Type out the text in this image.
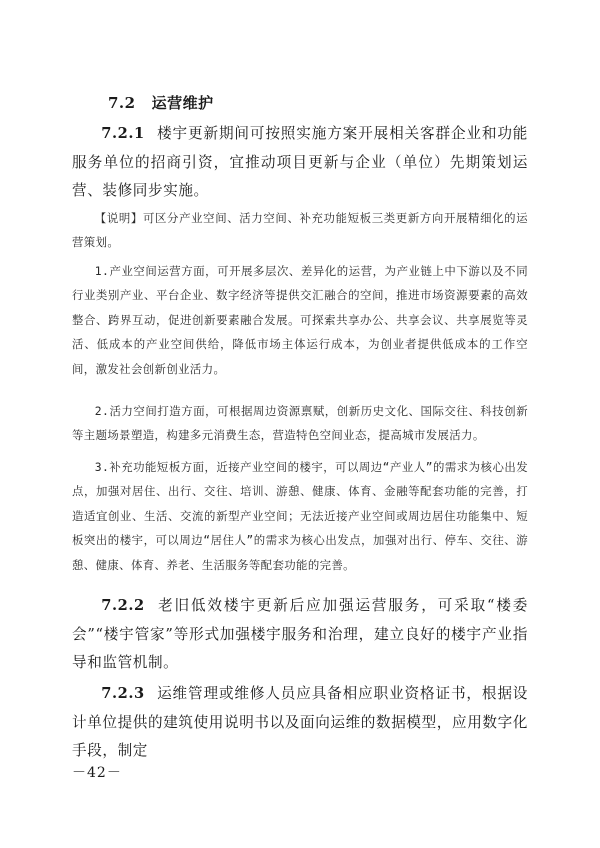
7.2 运营维护
7.2.1 楼宇更新期间可按照实施方案开展相关客群企业和功能服务单位的招商引资，宜推动项目更新与企业（单位）先期策划运营、装修同步实施。
【说明】可区分产业空间、活力空间、补充功能短板三类更新方向开展精细化的运营策划。
1.产业空间运营方面，可开展多层次、差异化的运营，为产业链上中下游以及不同行业类别产业、平台企业、数字经济等提供交汇融合的空间，推进市场资源要素的高效整合、跨界互动，促进创新要素融合发展。可探索共享办公、共享会议、共享展览等灵活、低成本的产业空间供给，降低市场主体运行成本，为创业者提供低成本的工作空间，激发社会创新创业活力。
2.活力空间打造方面，可根据周边资源禀赋，创新历史文化、国际交往、科技创新等主题场景塑造，构建多元消费生态，营造特色空间业态，提高城市发展活力。
3.补充功能短板方面，近接产业空间的楼宇，可以周边“产业人”的需求为核心出发点，加强对居住、出行、交往、培训、游憩、健康、体育、金融等配套功能的完善，打造适宜创业、生活、交流的新型产业空间；无法近接产业空间或周边居住功能集中、短板突出的楼宇，可以周边“居住人”的需求为核心出发点，加强对出行、停车、交往、游憩、健康、体育、养老、生活服务等配套功能的完善。
7.2.2 老旧低效楼宇更新后应加强运营服务，可采取“楼委会”“楼宇管家”等形式加强楼宇服务和治理，建立良好的楼宇产业指导和监管机制。
7.2.3 运维管理或维修人员应具备相应职业资格证书，根据设计单位提供的建筑使用说明书以及面向运维的数据模型，应用数字化手段，制定
－42－
